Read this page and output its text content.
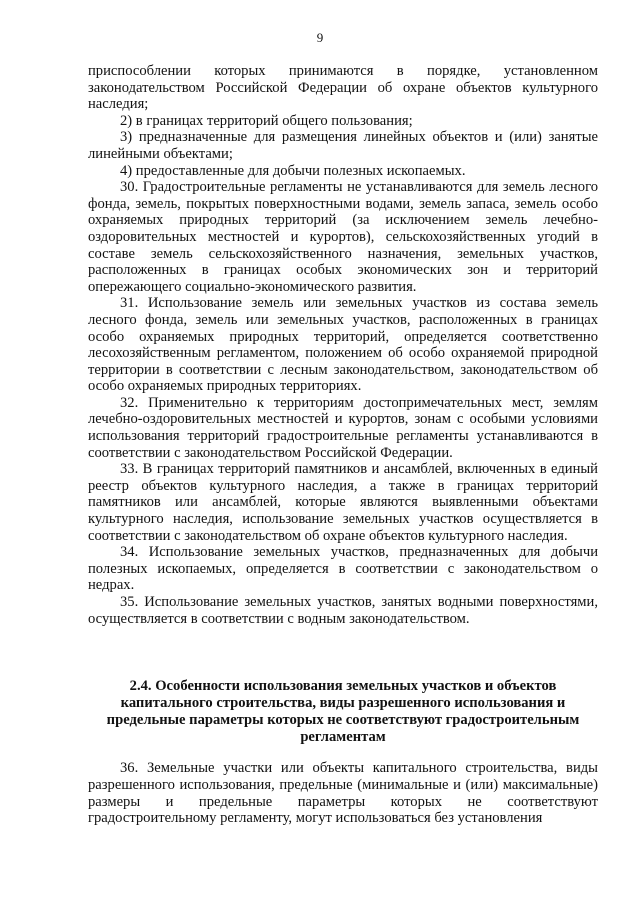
9

приспособлении которых принимаются в порядке, установленном законодательством Российской Федерации об охране объектов культурного наследия;

2) в границах территорий общего пользования;

3) предназначенные для размещения линейных объектов и (или) занятые линейными объектами;

4) предоставленные для добычи полезных ископаемых.

30. Градостроительные регламенты не устанавливаются для земель лесного фонда, земель, покрытых поверхностными водами, земель запаса, земель особо охраняемых природных территорий (за исключением земель лечебно-оздоровительных местностей и курортов), сельскохозяйственных угодий в составе земель сельскохозяйственного назначения, земельных участков, расположенных в границах особых экономических зон и территорий опережающего социально-экономического развития.

31. Использование земель или земельных участков из состава земель лесного фонда, земель или земельных участков, расположенных в границах особо охраняемых природных территорий, определяется соответственно лесохозяйственным регламентом, положением об особо охраняемой природной территории в соответствии с лесным законодательством, законодательством об особо охраняемых природных территориях.

32. Применительно к территориям достопримечательных мест, землям лечебно-оздоровительных местностей и курортов, зонам с особыми условиями использования территорий градостроительные регламенты устанавливаются в соответствии с законодательством Российской Федерации.

33. В границах территорий памятников и ансамблей, включенных в единый реестр объектов культурного наследия, а также в границах территорий памятников или ансамблей, которые являются выявленными объектами культурного наследия, использование земельных участков осуществляется в соответствии с законодательством об охране объектов культурного наследия.

34. Использование земельных участков, предназначенных для добычи полезных ископаемых, определяется в соответствии с законодательством о недрах.

35. Использование земельных участков, занятых водными поверхностями, осуществляется в соответствии с водным законодательством.

2.4. Особенности использования земельных участков и объектов капитального строительства, виды разрешенного использования и предельные параметры которых не соответствуют градостроительным регламентам

36. Земельные участки или объекты капитального строительства, виды разрешенного использования, предельные (минимальные и (или) максимальные) размеры и предельные параметры которых не соответствуют градостроительному регламенту, могут использоваться без установления
